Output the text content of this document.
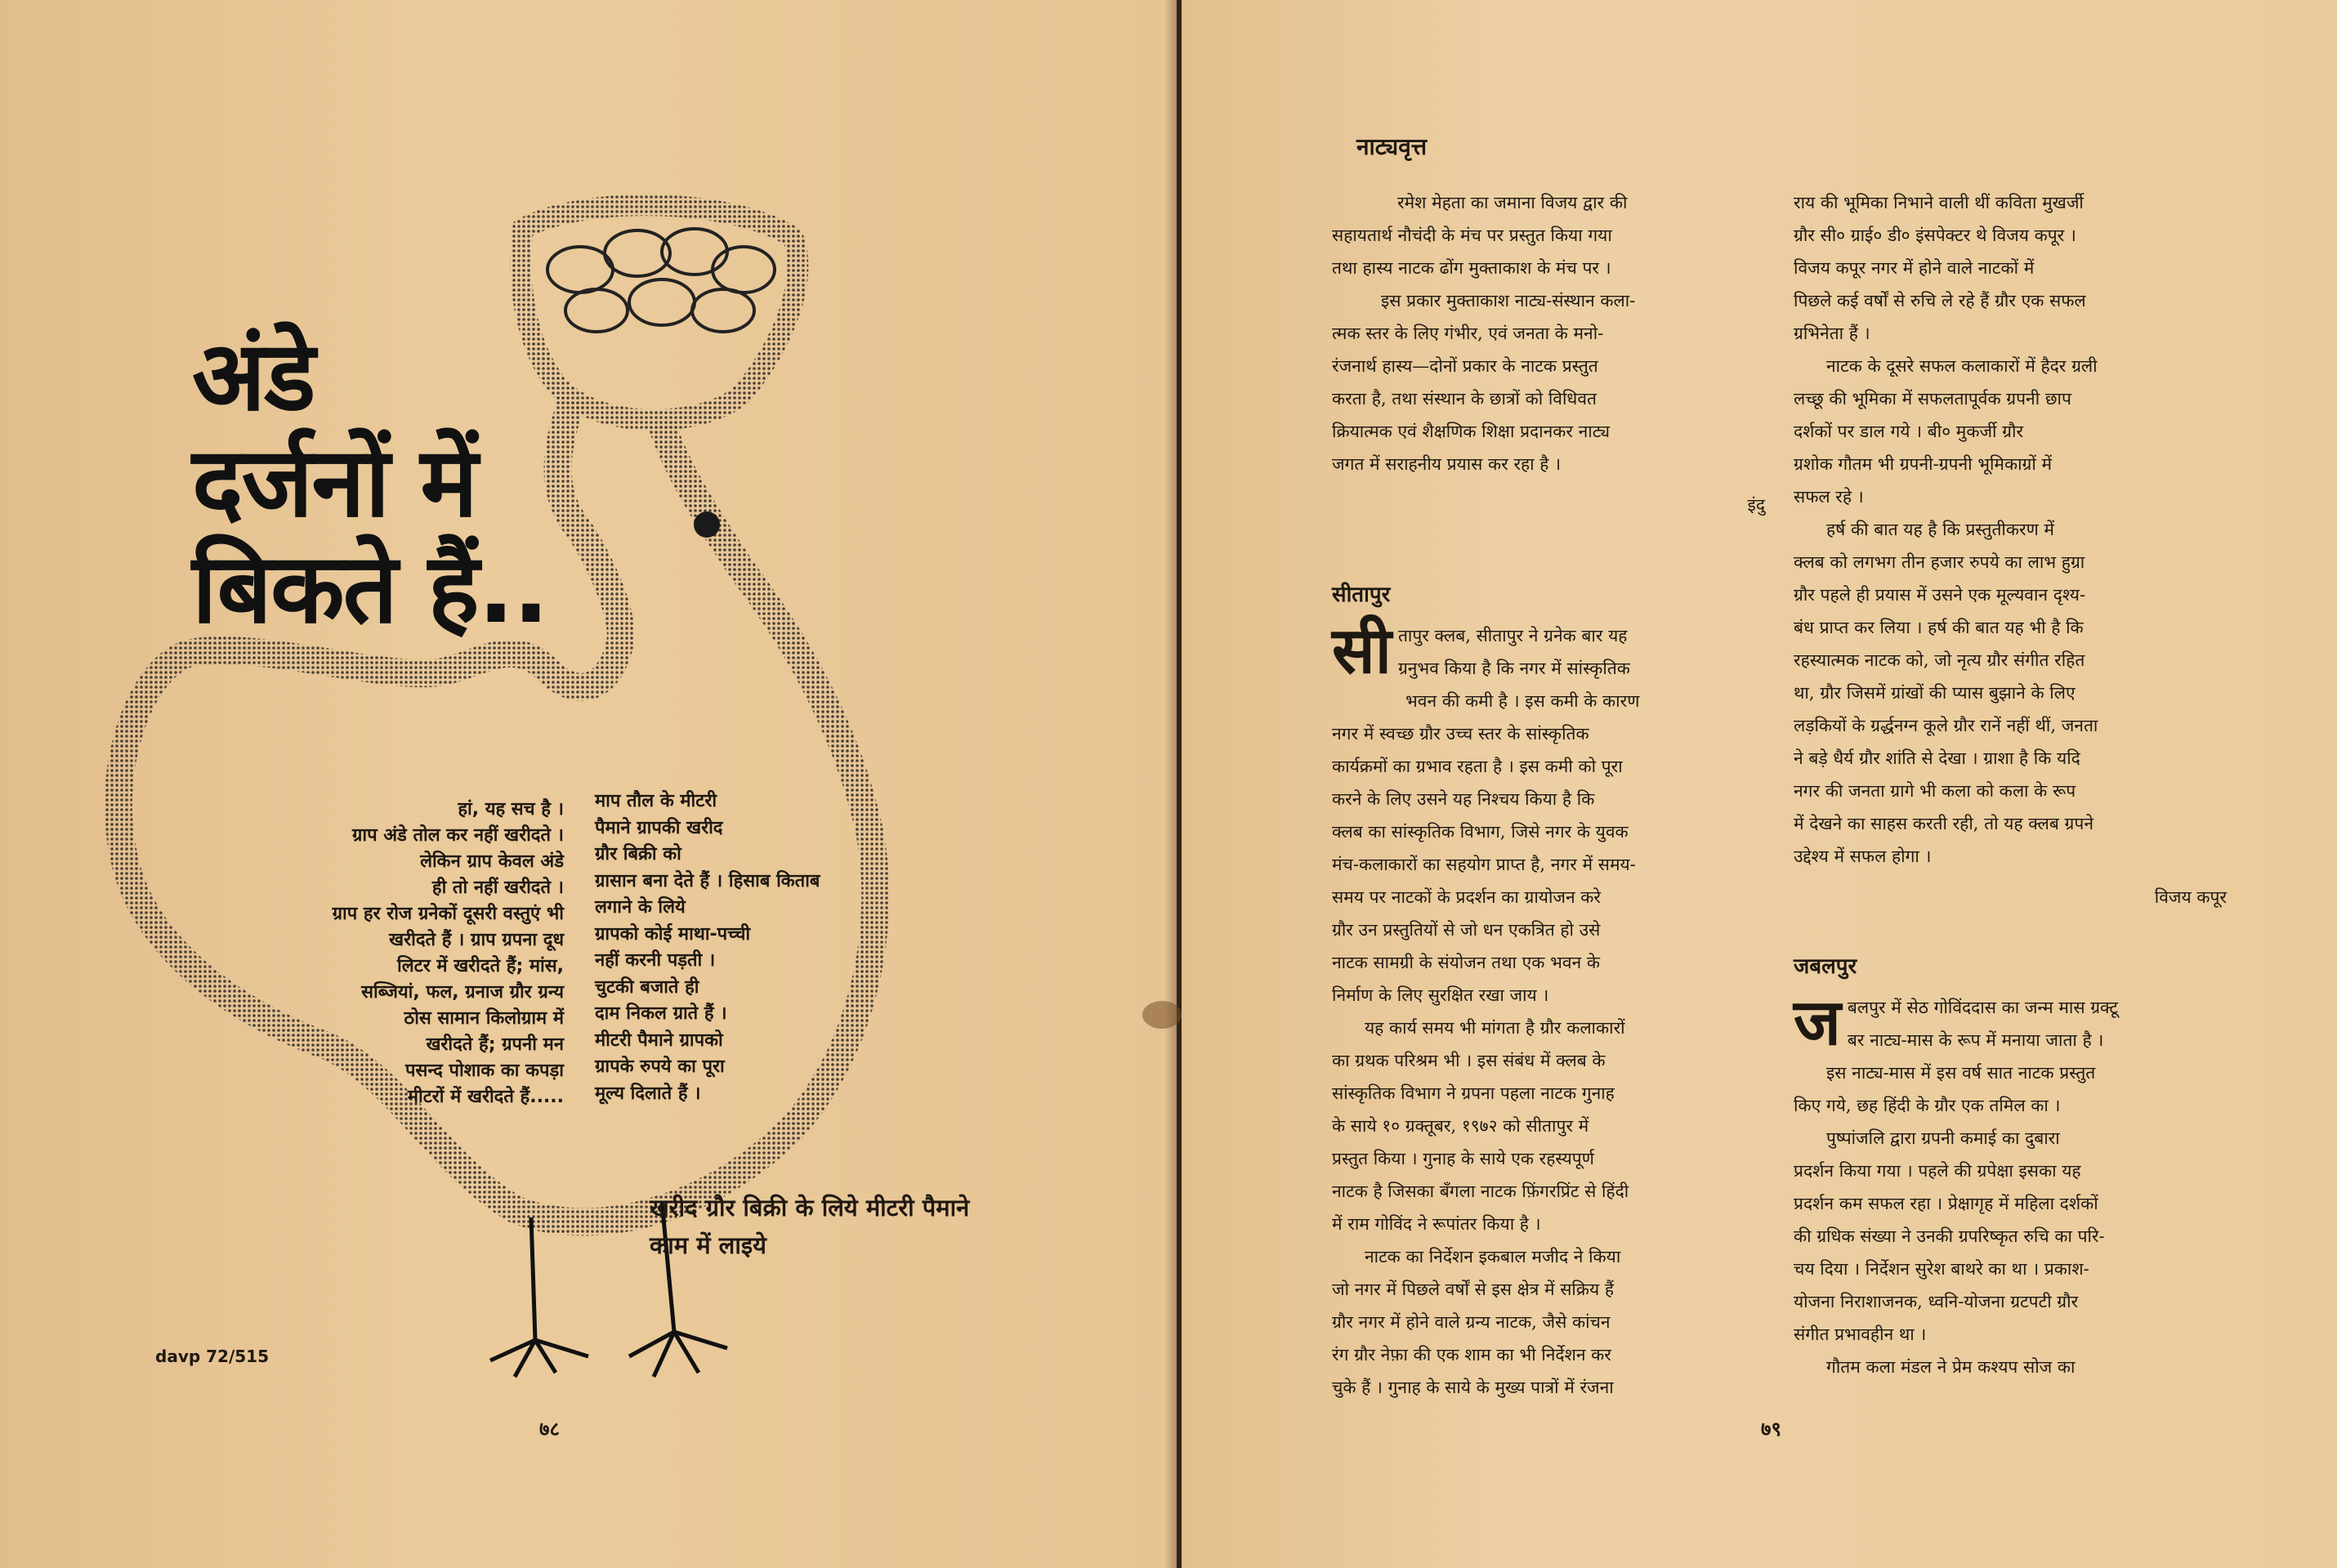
अंडे
दर्जनों में
बिकते हैं..
हां, यह सच है ।
ग्राप अंडे तोल कर नहीं खरीदते ।
लेकिन ग्राप केवल अंडे
ही तो नहीं खरीदते ।
ग्राप हर रोज ग्रनेकों दूसरी वस्तुएं भी
खरीदते हैं । ग्राप ग्रपना दूध
लिटर में खरीदते हैं; मांस,
सब्जियां, फल, ग्रनाज ग्रौर ग्रन्य
ठोस सामान किलोग्राम में
खरीदते हैं; ग्रपनी मन
पसन्द पोशाक का कपड़ा
मीटरों में खरीदते हैं.....
माप तौल के मीटरी
पैमाने ग्रापकी खरीद
ग्रौर बिक्री को
ग्रासान बना देते हैं । हिसाब किताब
लगाने के लिये
ग्रापको कोई माथा-पच्ची
नहीं करनी पड़ती ।
चुटकी बजाते ही
दाम निकल ग्राते हैं ।
मीटरी पैमाने ग्रापको
ग्रापके रुपये का पूरा
मूल्य दिलाते हैं ।
खरीद ग्रौर बिक्री के लिये मीटरी पैमाने
काम में लाइये
davp 72/515
७८
नाट्यवृत्त
रमेश मेहता का जमाना विजय द्वार की
सहायतार्थ नौचंदी के मंच पर प्रस्तुत किया गया
तथा हास्य नाटक ढोंग मुक्ताकाश के मंच पर ।
इस प्रकार मुक्ताकाश नाट्य-संस्थान कला-
त्मक स्तर के लिए गंभीर, एवं जनता के मनो-
रंजनार्थ हास्य—दोनों प्रकार के नाटक प्रस्तुत
करता है, तथा संस्थान के छात्रों को विधिवत
क्रियात्मक एवं शैक्षणिक शिक्षा प्रदानकर नाट्य
जगत में सराहनीय प्रयास कर रहा है ।
इंदु
सीतापुर
सी तापुर क्लब, सीतापुर ने ग्रनेक बार यह
ग्रनुभव किया है कि नगर में सांस्कृतिक
भवन की कमी है । इस कमी के कारण
नगर में स्वच्छ ग्रौर उच्च स्तर के सांस्कृतिक
कार्यक्रमों का ग्रभाव रहता है । इस कमी को पूरा
करने के लिए उसने यह निश्चय किया है कि
क्लब का सांस्कृतिक विभाग, जिसे नगर के युवक
मंच-कलाकारों का सहयोग प्राप्त है, नगर में समय-
समय पर नाटकों के प्रदर्शन का ग्रायोजन करे
ग्रौर उन प्रस्तुतियों से जो धन एकत्रित हो उसे
नाटक सामग्री के संयोजन तथा एक भवन के
निर्माण के लिए सुरक्षित रखा जाय ।
यह कार्य समय भी मांगता है ग्रौर कलाकारों
का ग्रथक परिश्रम भी । इस संबंध में क्लब के
सांस्कृतिक विभाग ने ग्रपना पहला नाटक गुनाह
के साये १० ग्रक्तूबर, १९७२ को सीतापुर में
प्रस्तुत किया । गुनाह के साये एक रहस्यपूर्ण
नाटक है जिसका बँगला नाटक फ़िंगरप्रिंट से हिंदी
में राम गोविंद ने रूपांतर किया है ।
नाटक का निर्देशन इकबाल मजीद ने किया
जो नगर में पिछले वर्षों से इस क्षेत्र में सक्रिय हैं
ग्रौर नगर में होने वाले ग्रन्य नाटक, जैसे कांचन
रंग ग्रौर नेफ़ा की एक शाम का भी निर्देशन कर
चुके हैं । गुनाह के साये के मुख्य पात्रों में रंजना
राय की भूमिका निभाने वाली थीं कविता मुखर्जी
ग्रौर सी० ग्राई० डी० इंसपेक्टर थे विजय कपूर ।
विजय कपूर नगर में होने वाले नाटकों में
पिछले कई वर्षों से रुचि ले रहे हैं ग्रौर एक सफल
ग्रभिनेता हैं ।
नाटक के दूसरे सफल कलाकारों में हैदर ग्रली
लच्छू की भूमिका में सफलतापूर्वक ग्रपनी छाप
दर्शकों पर डाल गये । बी० मुकर्जी ग्रौर
ग्रशोक गौतम भी ग्रपनी-ग्रपनी भूमिकाग्रों में
सफल रहे ।
हर्ष की बात यह है कि प्रस्तुतीकरण में
क्लब को लगभग तीन हजार रुपये का लाभ हुग्रा
ग्रौर पहले ही प्रयास में उसने एक मूल्यवान दृश्य-
बंध प्राप्त कर लिया । हर्ष की बात यह भी है कि
रहस्यात्मक नाटक को, जो नृत्य ग्रौर संगीत रहित
था, ग्रौर जिसमें ग्रांखों की प्यास बुझाने के लिए
लड़कियों के ग्रर्द्धनग्न कूले ग्रौर रानें नहीं थीं, जनता
ने बड़े धैर्य ग्रौर शांति से देखा । ग्राशा है कि यदि
नगर की जनता ग्रागे भी कला को कला के रूप
में देखने का साहस करती रही, तो यह क्लब ग्रपने
उद्देश्य में सफल होगा ।
विजय कपूर
जबलपुर
ज बलपुर में सेठ गोविंददास का जन्म मास ग्रक्टू
बर नाट्य-मास के रूप में मनाया जाता है ।
इस नाट्य-मास में इस वर्ष सात नाटक प्रस्तुत
किए गये, छह हिंदी के ग्रौर एक तमिल का ।
पुष्पांजलि द्वारा ग्रपनी कमाई का दुबारा
प्रदर्शन किया गया । पहले की ग्रपेक्षा इसका यह
प्रदर्शन कम सफल रहा । प्रेक्षागृह में महिला दर्शकों
की ग्रधिक संख्या ने उनकी ग्रपरिष्कृत रुचि का परि-
चय दिया । निर्देशन सुरेश बाथरे का था । प्रकाश-
योजना निराशाजनक, ध्वनि-योजना ग्रटपटी ग्रौर
संगीत प्रभावहीन था ।
गौतम कला मंडल ने प्रेम कश्यप सोज का
७९
